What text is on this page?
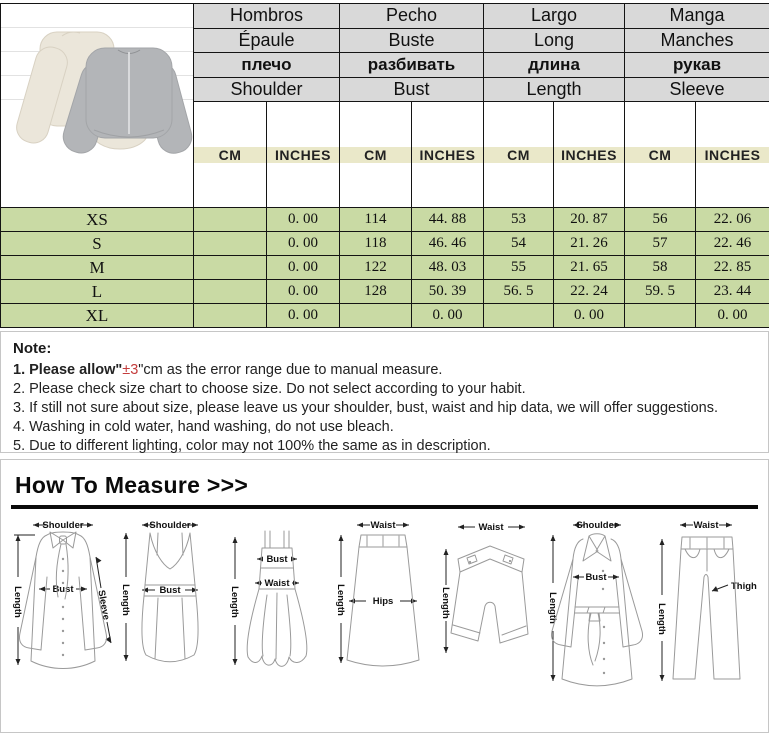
	Hombros		Pecho		Largo		Manga	
	Épaule		Buste		Long		Manches	
	плечо		разбивать		длина		рукав	
	Shoulder		Bust		Length		Sleeve	

CM	INCHES	CM	INCHES	CM	INCHES	CM	INCHES

XS		0. 00	114	44. 88	53	20. 87	56	22. 06
S		0. 00	118	46. 46	54	21. 26	57	22. 46
M		0. 00	122	48. 03	55	21. 65	58	22. 85
L		0. 00	128	50. 39	56. 5	22. 24	59. 5	23. 44
XL		0. 00		0. 00		0. 00		0. 00
Note:
1. Please allow"±3"cm as the error range due to manual measure.
2. Please check size chart to choose size. Do not select according to your habit.
3. If still not sure about size, please leave us your shoulder, bust, waist and hip data, we will offer suggestions.
4. Washing in cold water, hand washing, do not use bleach.
5. Due to different lighting, color may not 100% the same as in description.
How To Measure >>>
Shoulder
Length	Bust Sleeve
Shoulder
Length	Bust	Length
Bust
Waist
Waist
Length	Hips
Waist
Length
Shoulder
Length
Bust
Waist
Length
Thigh
